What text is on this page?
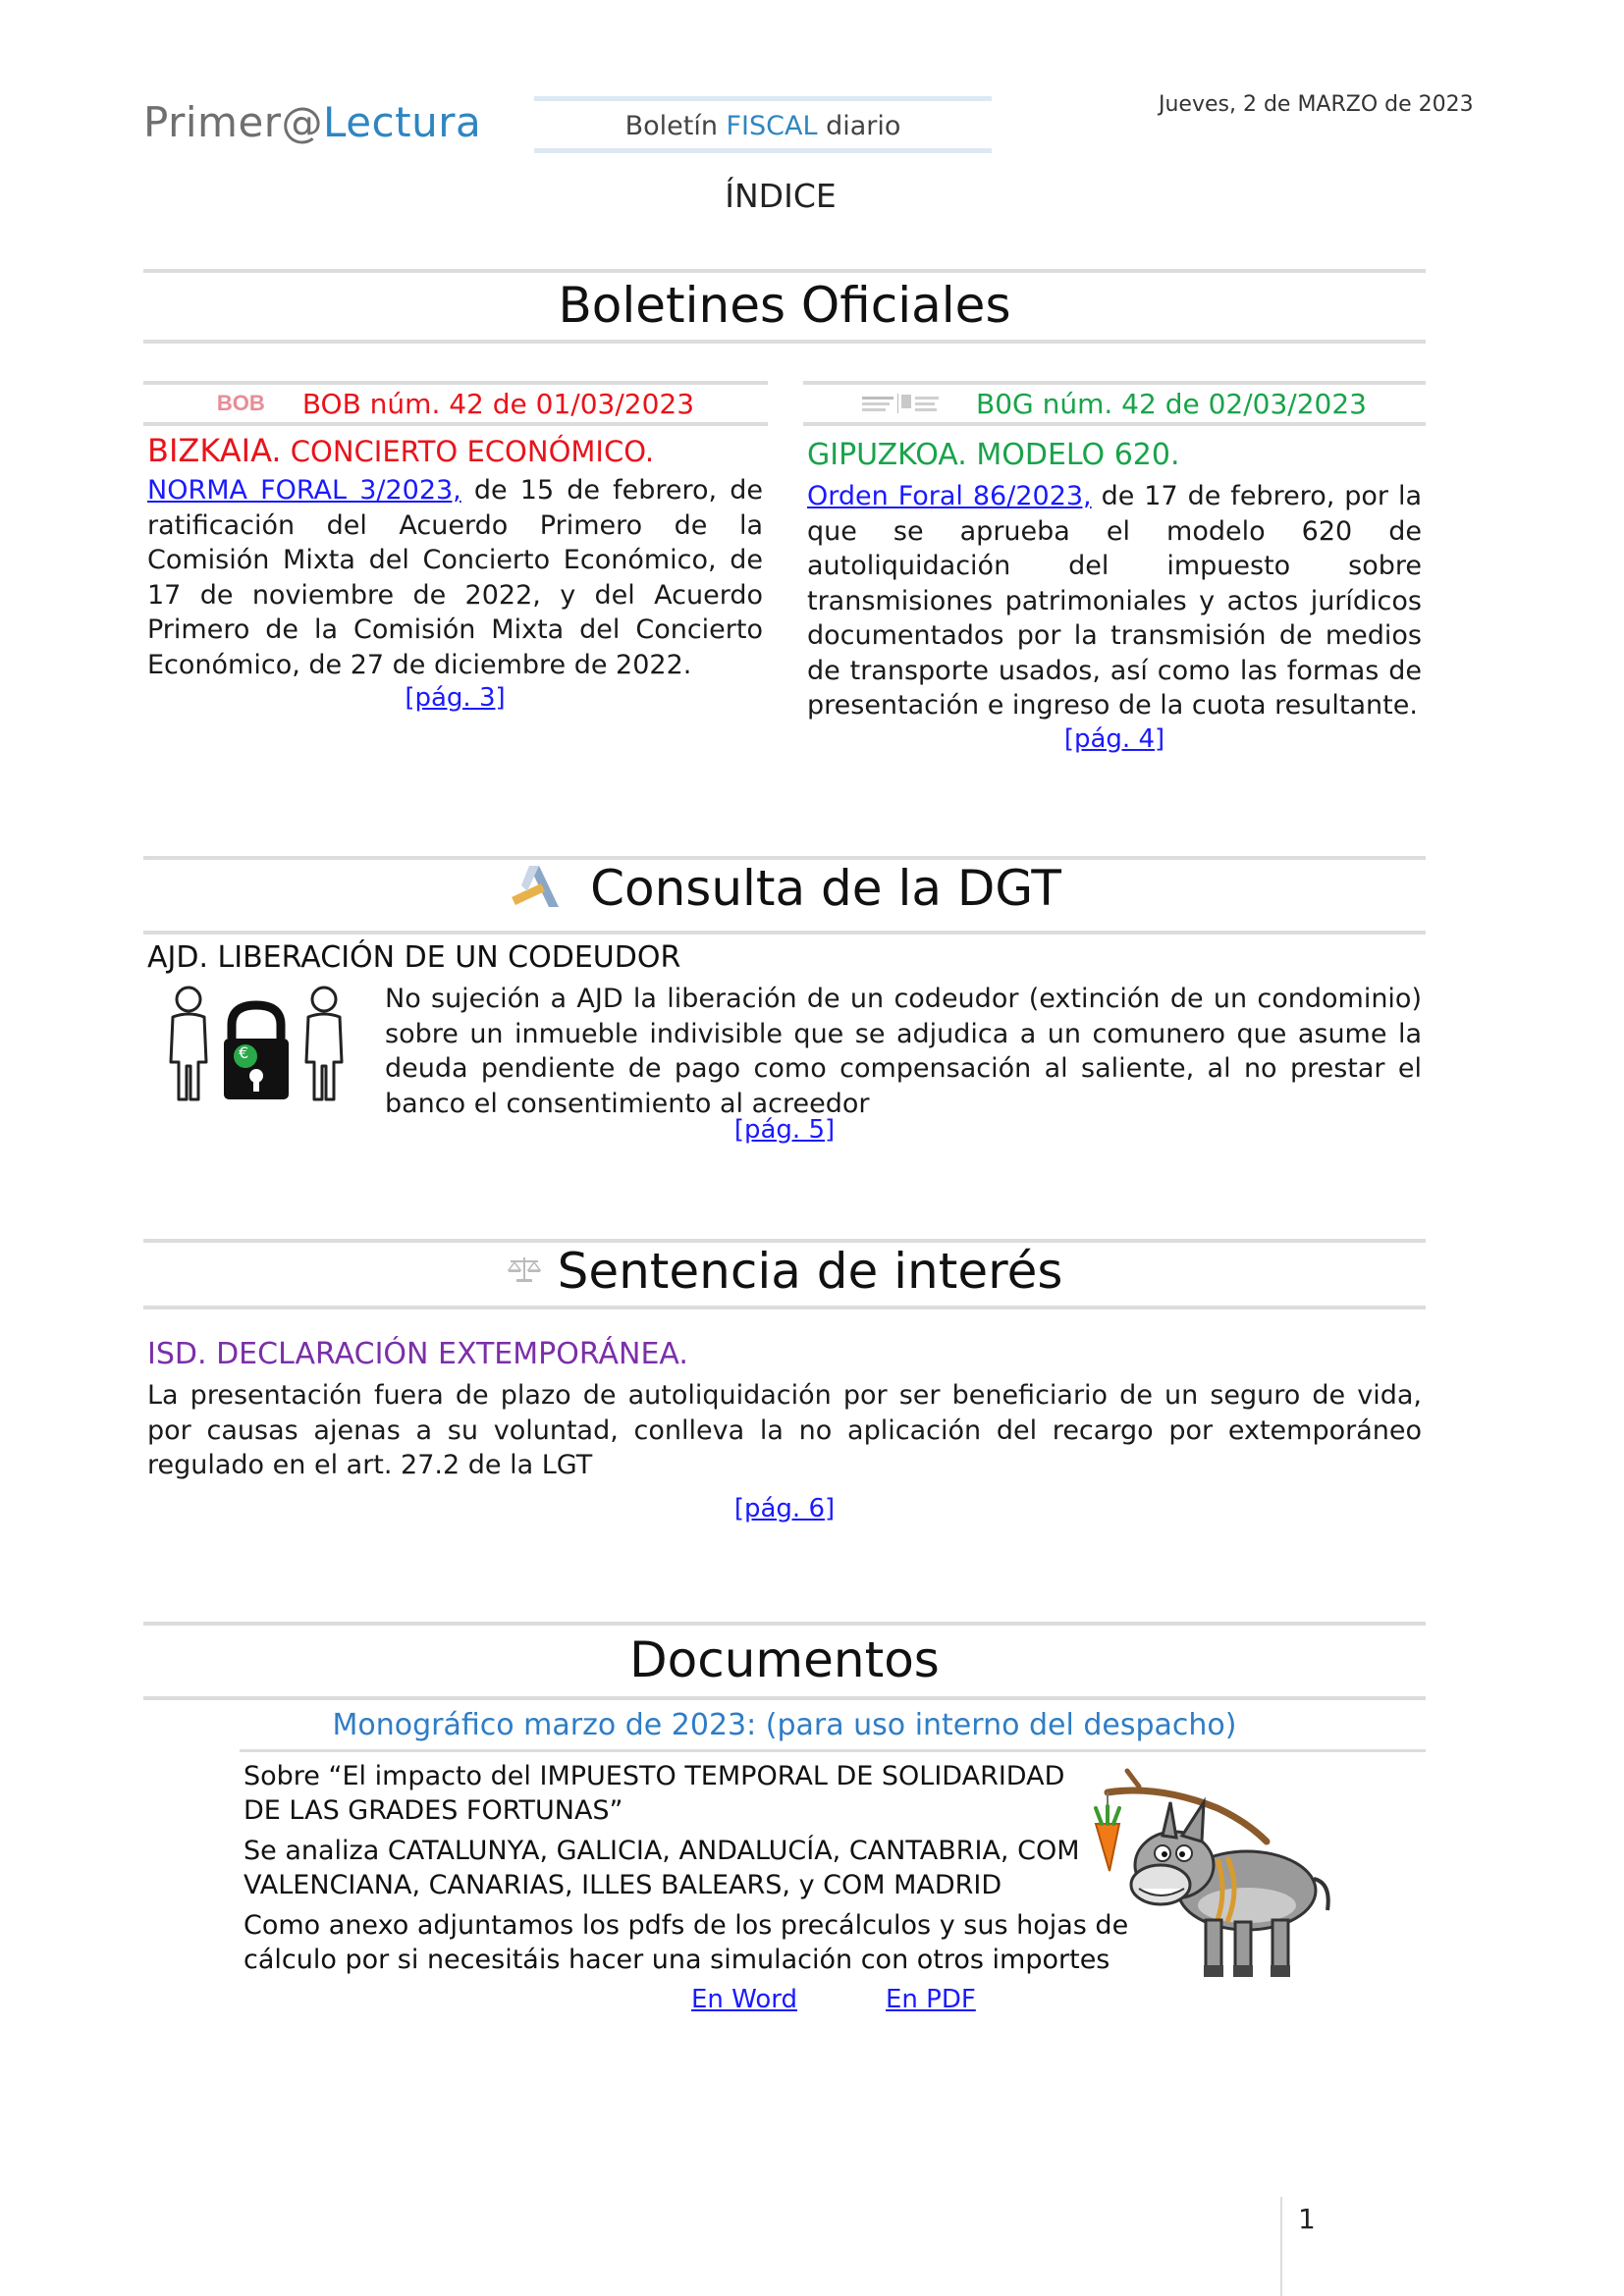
Primer@Lectura	Boletín FISCAL diario
Jueves, 2 de MARZO de 2023
ÍNDICE
Boletines Oficiales
BOB BOB núm. 42 de 01/03/2023
BIZKAIA. CONCIERTO ECONÓMICO.
NORMA FORAL 3/2023, de 15 de febrero, de ratificación del Acuerdo Primero de la Comisión Mixta del Concierto Económico, de 17 de noviembre de 2022, y del Acuerdo Primero de la Comisión Mixta del Concierto Económico, de 27 de diciembre de 2022.
[pág. 3]
B0G núm. 42 de 02/03/2023
GIPUZKOA. MODELO 620.
Orden Foral 86/2023, de 17 de febrero, por la que se aprueba el modelo 620 de autoliquidación del impuesto sobre transmisiones patrimoniales y actos jurídicos documentados por la transmisión de medios de transporte usados, así como las formas de presentación e ingreso de la cuota resultante.
[pág. 4]
Consulta de la DGT
AJD. LIBERACIÓN DE UN CODEUDOR
€
No sujeción a AJD la liberación de un codeudor (extinción de un condominio) sobre un inmueble indivisible que se adjudica a un comunero que asume la deuda pendiente de pago como compensación al saliente, al no prestar el banco el consentimiento al acreedor
[pág. 5]
Sentencia de interés
ISD. DECLARACIÓN EXTEMPORÁNEA.
La presentación fuera de plazo de autoliquidación por ser beneficiario de un seguro de vida, por causas ajenas a su voluntad, conlleva la no aplicación del recargo por extemporáneo regulado en el art. 27.2 de la LGT
[pág. 6]
Documentos
Monográfico marzo de 2023: (para uso interno del despacho)
Sobre “El impacto del IMPUESTO TEMPORAL DE SOLIDARIDAD
DE LAS GRADES FORTUNAS”
Se analiza CATALUNYA, GALICIA, ANDALUCÍA, CANTABRIA, COM
VALENCIANA, CANARIAS, ILLES BALEARS, y COM MADRID
Como anexo adjuntamos los pdfs de los precálculos y sus hojas de
cálculo por si necesitáis hacer una simulación con otros importes
En Word	En PDF
1
